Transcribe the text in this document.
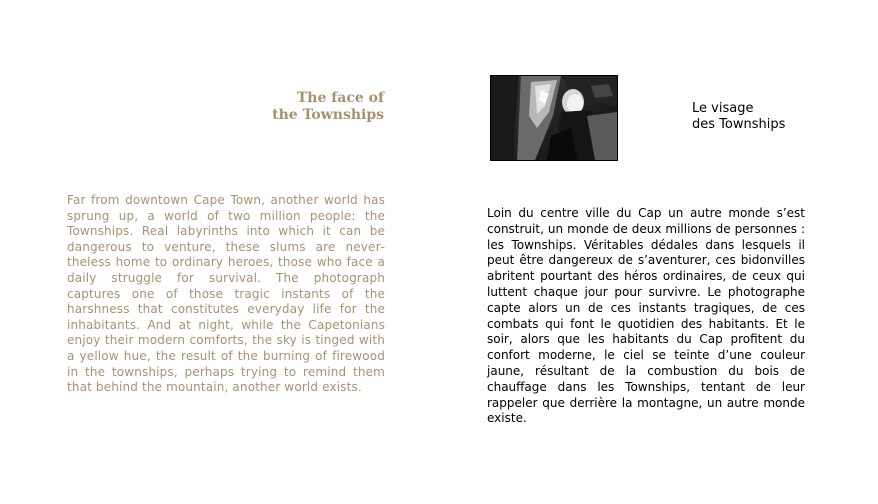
The face of
the Townships
Far from downtown Cape Town, another world has sprung up, a world of two million people: the Townships. Real labyrinths into which it can be dangerous to venture, these slums are nevertheless home to ordinary heroes, those who face a daily struggle for survival. The photograph captures one of those tragic instants of the harshness that constitutes everyday life for the inhabitants. And at night, while the Capetonians enjoy their modern comforts, the sky is tinged with a yellow hue, the result of the burning of firewood in the townships, perhaps trying to remind them that behind the mountain, another world exists.
Le visage
des Townships
Loin du centre ville du Cap un autre monde s’est construit, un monde de deux millions de personnes : les Townships. Véritables dédales dans lesquels il peut être dangereux de s’aventurer, ces bidonvilles abritent pourtant des héros ordinaires, de ceux qui luttent chaque jour pour survivre. Le photographe capte alors un de ces instants tragiques, de ces combats qui font le quotidien des habitants. Et le soir, alors que les habitants du Cap profitent du confort moderne, le ciel se teinte d’une couleur jaune, résultant de la combustion du bois de chauffage dans les Townships, tentant de leur rappeler que derrière la montagne, un autre monde existe.
